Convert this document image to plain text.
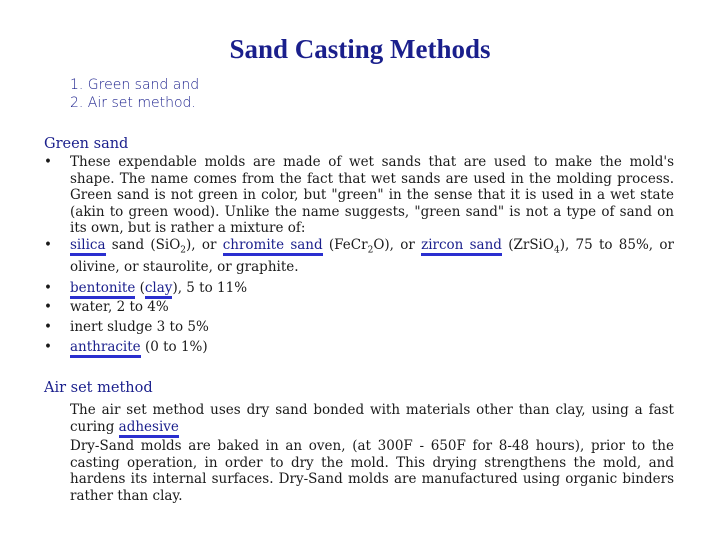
Sand Casting Methods
1. Green sand and
2. Air set method.
Green sand
• These expendable molds are made of wet sands that are used to make the mold's shape. The name comes from the fact that wet sands are used in the molding process. Green sand is not green in color, but "green" in the sense that it is used in a wet state (akin to green wood). Unlike the name suggests, "green sand" is not a type of sand on its own, but is rather a mixture of:
• silica sand (SiO$_2$), or chromite sand (FeCr$_2$O), or zircon sand (ZrSiO$_4$), 75 to 85%, or olivine, or staurolite, or graphite.
• bentonite (clay), 5 to 11%
• water, 2 to 4%
• inert sludge 3 to 5%
• anthracite (0 to 1%)
Air set method
The air set method uses dry sand bonded with materials other than clay, using a fast curing adhesive
Dry-Sand molds are baked in an oven, (at 300F - 650F for 8-48 hours), prior to the casting operation, in order to dry the mold. This drying strengthens the mold, and hardens its internal surfaces. Dry-Sand molds are manufactured using organic binders rather than clay.
